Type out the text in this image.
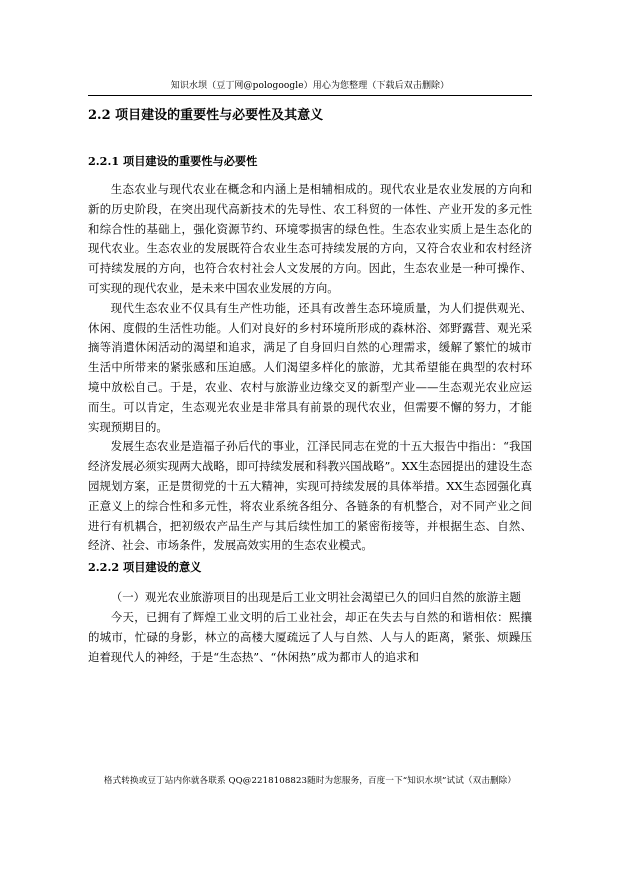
知识水坝（豆丁网@pologoogle）用心为您整理（下载后双击删除）
2.2 项目建设的重要性与必要性及其意义
2.2.1 项目建设的重要性与必要性

生态农业与现代农业在概念和内涵上是相辅相成的。现代农业是农业发展的方向和新的历史阶段，在突出现代高新技术的先导性、农工科贸的一体性、产业开发的多元性和综合性的基础上，强化资源节约、环境零损害的绿色性。生态农业实质上是生态化的现代农业。生态农业的发展既符合农业生态可持续发展的方向，又符合农业和农村经济可持续发展的方向，也符合农村社会人文发展的方向。因此，生态农业是一种可操作、可实现的现代农业，是未来中国农业发展的方向。

现代生态农业不仅具有生产性功能，还具有改善生态环境质量，为人们提供观光、休闲、度假的生活性功能。人们对良好的乡村环境所形成的森林浴、郊野露营、观光采摘等消遣休闲活动的渴望和追求，满足了自身回归自然的心理需求，缓解了繁忙的城市生活中所带来的紧张感和压迫感。人们渴望多样化的旅游，尤其希望能在典型的农村环境中放松自己。于是，农业、农村与旅游业边缘交叉的新型产业——生态观光农业应运而生。可以肯定，生态观光农业是非常具有前景的现代农业，但需要不懈的努力，才能实现预期目的。

发展生态农业是造福子孙后代的事业，江泽民同志在党的十五大报告中指出：“我国经济发展必须实现两大战略，即可持续发展和科教兴国战略”。XX生态园提出的建设生态园规划方案，正是贯彻党的十五大精神，实现可持续发展的具体举措。XX生态园强化真正意义上的综合性和多元性，将农业系统各组分、各链条的有机整合，对不同产业之间进行有机耦合，把初级农产品生产与其后续性加工的紧密衔接等，并根据生态、自然、经济、社会、市场条件，发展高效实用的生态农业模式。

2.2.2 项目建设的意义

（一）观光农业旅游项目的出现是后工业文明社会渴望已久的回归自然的旅游主题

今天，已拥有了辉煌工业文明的后工业社会，却正在失去与自然的和谐相依：熙攘的城市，忙碌的身影，林立的高楼大厦疏远了人与自然、人与人的距离，紧张、烦躁压迫着现代人的神经，于是“生态热”、“休闲热”成为都市人的追求和

格式转换或豆丁站内你就各联系 QQ@2218108823随时为您服务，百度一下“知识水坝”试试（双击删除）
